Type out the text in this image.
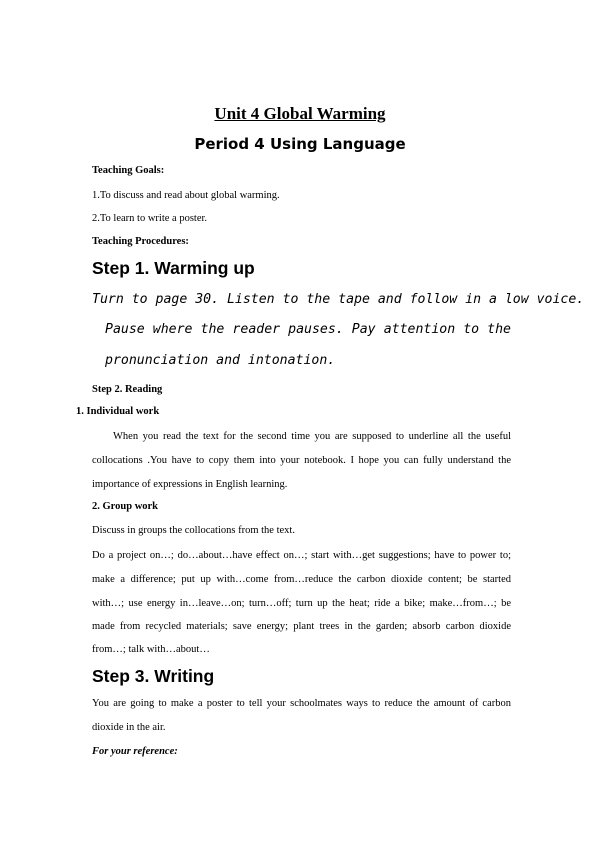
Unit 4 Global Warming
Period 4 Using Language
Teaching Goals:
1.To discuss and read about global warming.
2.To learn to write a poster.
Teaching Procedures:
Step 1. Warming up
Turn to page 30. Listen to the tape and follow in a low voice.
Pause where the reader pauses. Pay attention to the
pronunciation and intonation.
Step 2. Reading
1. Individual work
When you read the text for the second time you are supposed to underline all the useful
collocations .You have to copy them into your notebook. I hope you can fully understand the
importance of expressions in English learning.
2. Group work
Discuss in groups the collocations from the text.
Do a project on…; do…about…have effect on…; start with…get suggestions; have to power to;
make a difference; put up with…come from…reduce the carbon dioxide content; be started
with…; use energy in…leave…on; turn…off; turn up the heat; ride a bike; make…from…; be
made from recycled materials; save energy; plant trees in the garden; absorb carbon dioxide
from…; talk with…about…
Step 3. Writing
You are going to make a poster to tell your schoolmates ways to reduce the amount of carbon
dioxide in the air.
For your reference:
